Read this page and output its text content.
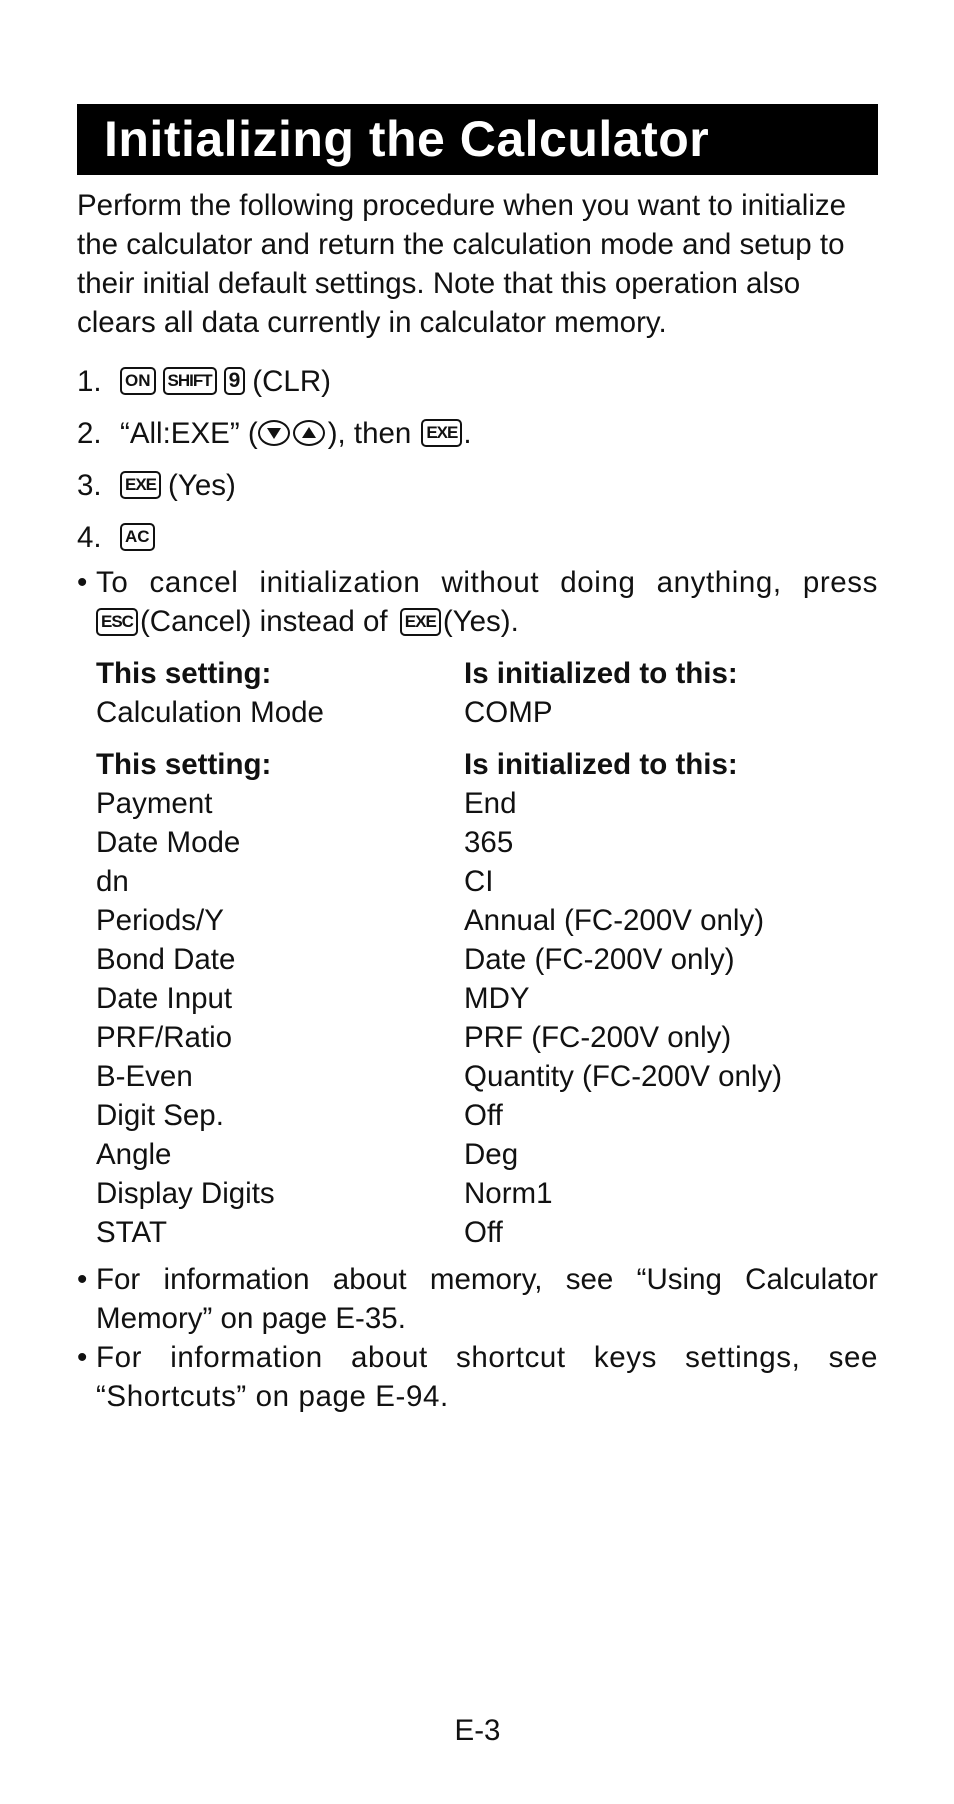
Initializing the Calculator

Perform the following procedure when you want to initialize the calculator and return the calculation mode and setup to their initial default settings. Note that this operation also clears all data currently in calculator memory.

1.	ON SHIFT 9 (CLR)
2. “All:EXE” ( ), then EXE .
3.	EXE (Yes)
4.	AC
• To cancel initialization without doing anything, press
ESC (Cancel) instead of EXE (Yes).
This setting:	Is initialized to this:
Calculation Mode	COMP
This setting:	Is initialized to this:
Payment	End
Date Mode	365
dn	CI
Periods/Y	Annual (FC-200V only)
Bond Date	Date (FC-200V only)
Date Input	MDY
PRF/Ratio	PRF (FC-200V only)
B-Even	Quantity (FC-200V only)
Digit Sep.	Off
Angle	Deg
Display Digits	Norm1
STAT	Off
• For information about memory, see “Using Calculator Memory” on page E-35.
• For information about shortcut keys settings, see “Shortcuts” on page E-94.
E-3
